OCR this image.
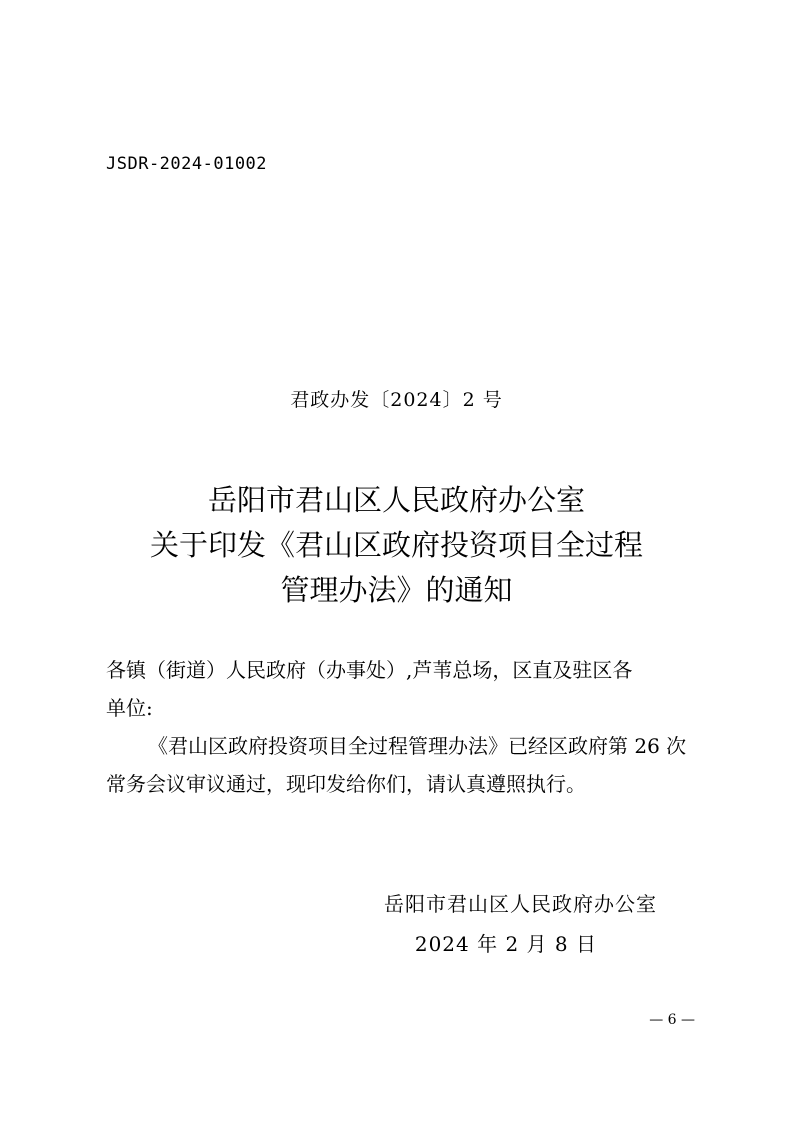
JSDR-2024-01002
君政办发〔2024〕2 号
岳阳市君山区人民政府办公室
关于印发《君山区政府投资项目全过程
管理办法》的通知
各镇（街道）人民政府（办事处）,芦苇总场，区直及驻区各
单位:
《君山区政府投资项目全过程管理办法》已经区政府第 26 次
常务会议审议通过，现印发给你们，请认真遵照执行。
岳阳市君山区人民政府办公室
2024 年 2 月 8 日
— 6 —
